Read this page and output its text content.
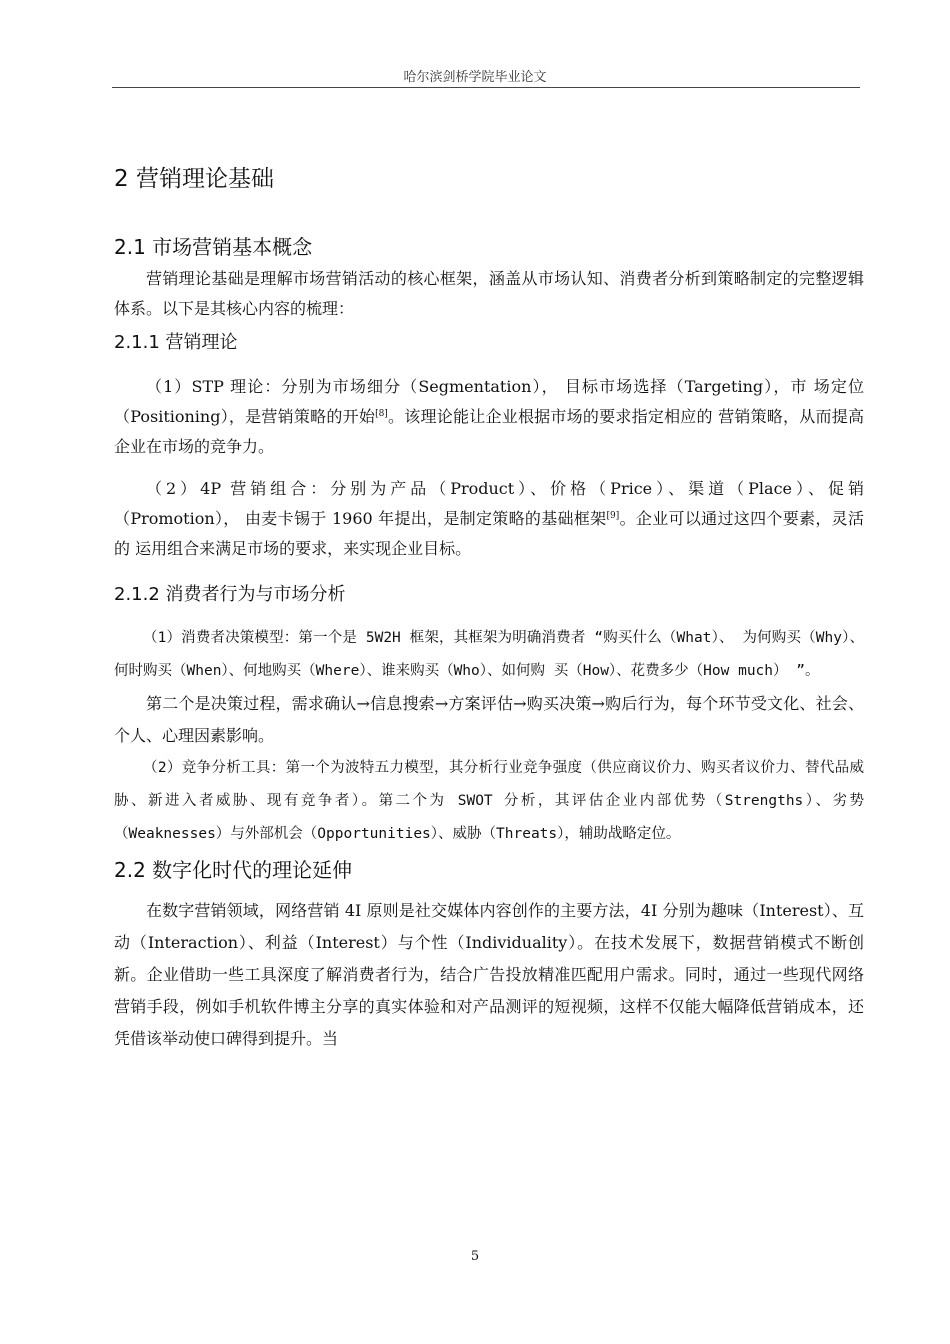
哈尔滨剑桥学院毕业论文
2 营销理论基础
2.1 市场营销基本概念

营销理论基础是理解市场营销活动的核心框架，涵盖从市场认知、消费者分析到策略制定的完整逻辑体系。以下是其核心内容的梳理：

2.1.1 营销理论

（1）STP 理论：分别为市场细分（Segmentation）， 目标市场选择（Targeting），市 场定位（Positioning），是营销策略的开始[8]。该理论能让企业根据市场的要求指定相应的 营销策略，从而提高企业在市场的竞争力。

（2）4P 营销组合：分别为产品（Product）、价格（Price）、渠道（Place）、促销（Promotion）， 由麦卡锡于 1960 年提出，是制定策略的基础框架[9]。企业可以通过这四个要素，灵活的 运用组合来满足市场的要求，来实现企业目标。

2.1.2 消费者行为与市场分析

（1）消费者决策模型：第一个是 5W2H 框架，其框架为明确消费者 “购买什么（What）、 为何购买（Why）、何时购买（When）、何地购买（Where）、谁来购买（Who）、如何购 买（How）、花费多少（How much） ”。

第二个是决策过程，需求确认→信息搜索→方案评估→购买决策→购后行为，每个环节受文化、社会、个人、心理因素影响。

（2）竞争分析工具：第一个为波特五力模型，其分析行业竞争强度（供应商议价力、购买者议价力、替代品威胁、新进入者威胁、现有竞争者）。第二个为 SWOT 分析，其评估企业内部优势（Strengths）、劣势（Weaknesses）与外部机会（Opportunities）、威胁（Threats），辅助战略定位。

2.2 数字化时代的理论延伸

在数字营销领域，网络营销 4I 原则是社交媒体内容创作的主要方法，4I 分别为趣味（Interest）、互动（Interaction）、利益（Interest）与个性（Individuality）。在技术发展下，数据营销模式不断创新。企业借助一些工具深度了解消费者行为，结合广告投放精准匹配用户需求。同时，通过一些现代网络营销手段，例如手机软件博主分享的真实体验和对产品测评的短视频，这样不仅能大幅降低营销成本，还凭借该举动使口碑得到提升。当

5
